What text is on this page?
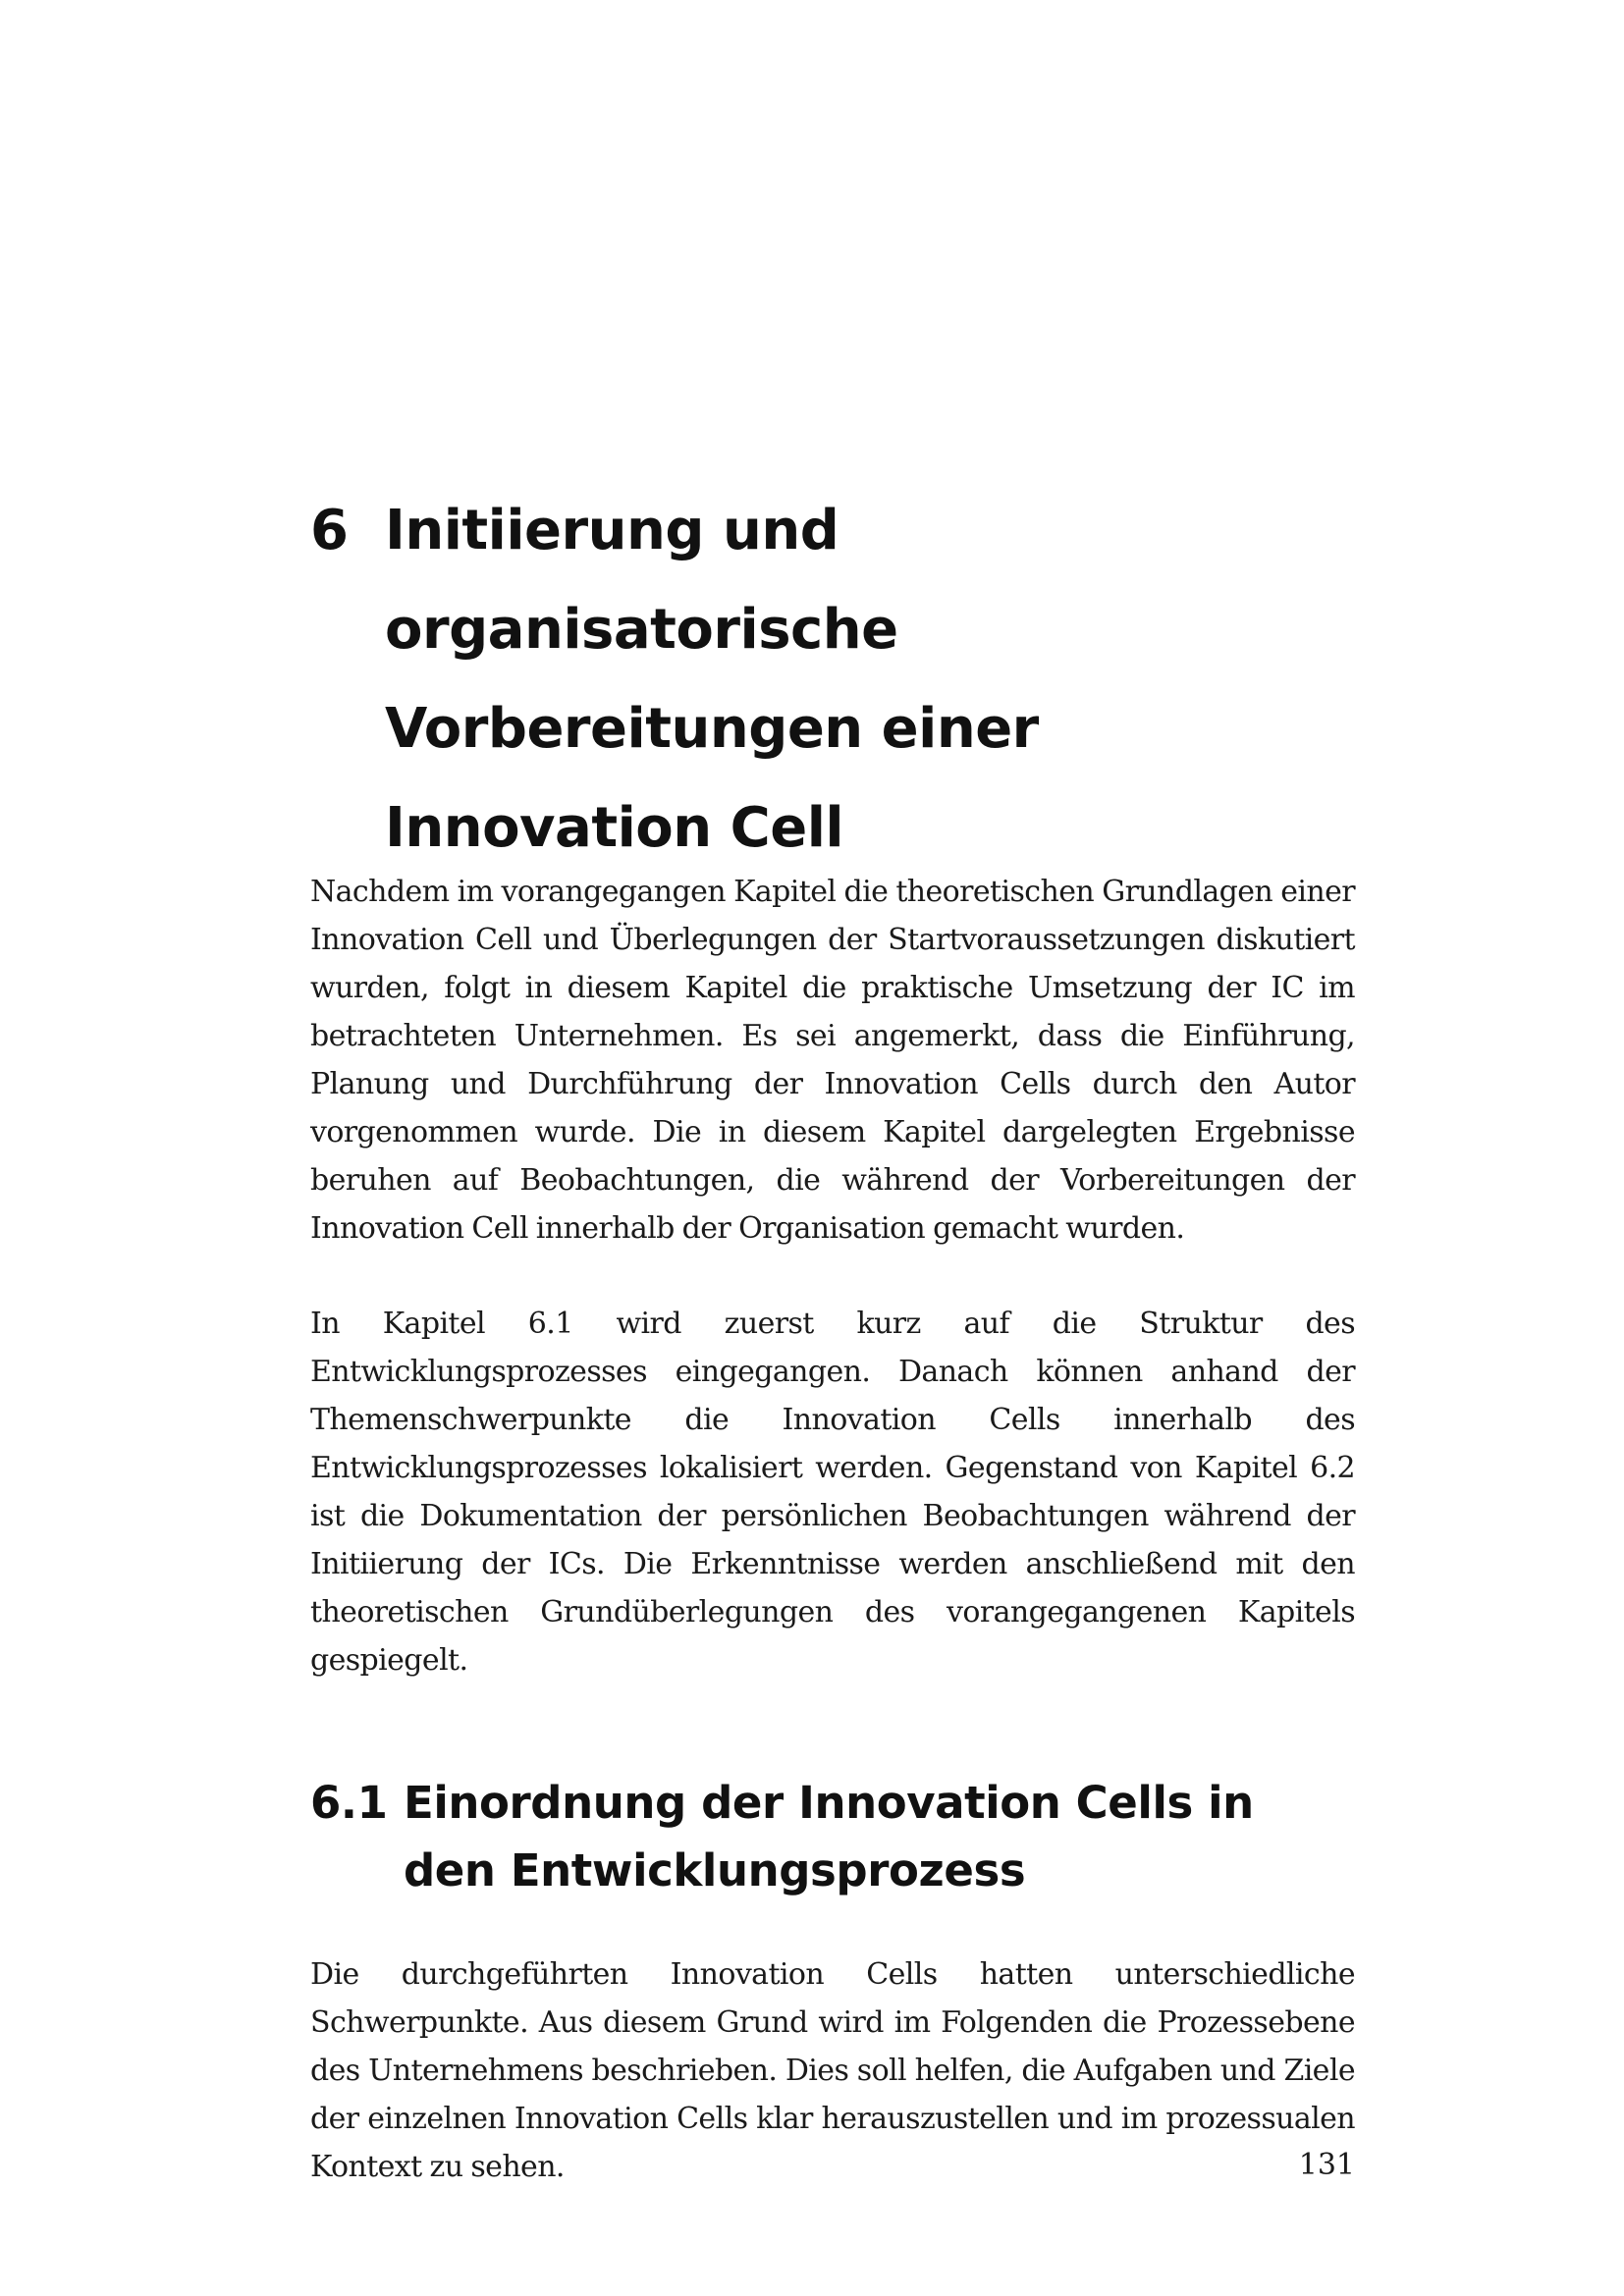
6 Initiierung und organisatorische Vorbereitungen einer Innovation Cell

Nachdem im vorangegangen Kapitel die theoretischen Grundlagen einer Innovation Cell und Überlegungen der Startvoraussetzungen diskutiert wurden, folgt in diesem Kapitel die praktische Umsetzung der IC im betrachteten Unternehmen. Es sei angemerkt, dass die Einführung, Planung und Durchführung der Innovation Cells durch den Autor vorgenommen wurde. Die in diesem Kapitel dargelegten Ergebnisse beruhen auf Beobachtungen, die während der Vorbereitungen der Innovation Cell innerhalb der Organisation gemacht wurden.

In Kapitel 6.1 wird zuerst kurz auf die Struktur des Entwicklungsprozesses eingegangen. Danach können anhand der Themenschwerpunkte die Innovation Cells innerhalb des Entwicklungsprozesses lokalisiert werden. Gegenstand von Kapitel 6.2 ist die Dokumentation der persönlichen Beobachtungen während der Initiierung der ICs. Die Erkenntnisse werden anschließend mit den theoretischen Grundüberlegungen des vorangegangenen Kapitels gespiegelt.

6.1 Einordnung der Innovation Cells in den Entwicklungsprozess

Die durchgeführten Innovation Cells hatten unterschiedliche Schwerpunkte. Aus diesem Grund wird im Folgenden die Prozessebene des Unternehmens beschrieben. Dies soll helfen, die Aufgaben und Ziele der einzelnen Innovation Cells klar herauszustellen und im prozessualen Kontext zu sehen.	131
